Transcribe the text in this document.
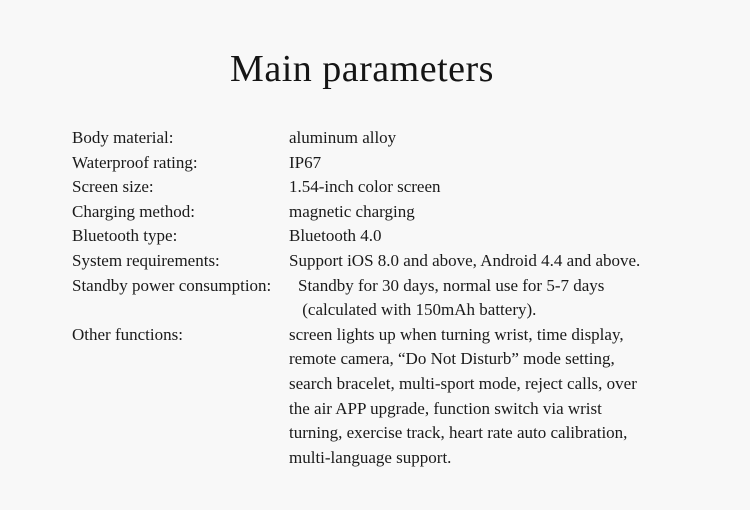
Main parameters
Body material:	aluminum alloy
Waterproof rating:	IP67
Screen size:	1.54-inch color screen
Charging method:	magnetic charging
Bluetooth type:	Bluetooth 4.0
System requirements:	Support iOS 8.0 and above, Android 4.4 and above.
Standby power consumption: Standby for 30 days, normal use for 5-7 days
(calculated with 150mAh battery).
Other functions:	screen lights up when turning wrist, time display,
remote camera, “Do Not Disturb” mode setting,
search bracelet, multi-sport mode, reject calls, over
the air APP upgrade, function switch via wrist
turning, exercise track, heart rate auto calibration,
multi-language support.
